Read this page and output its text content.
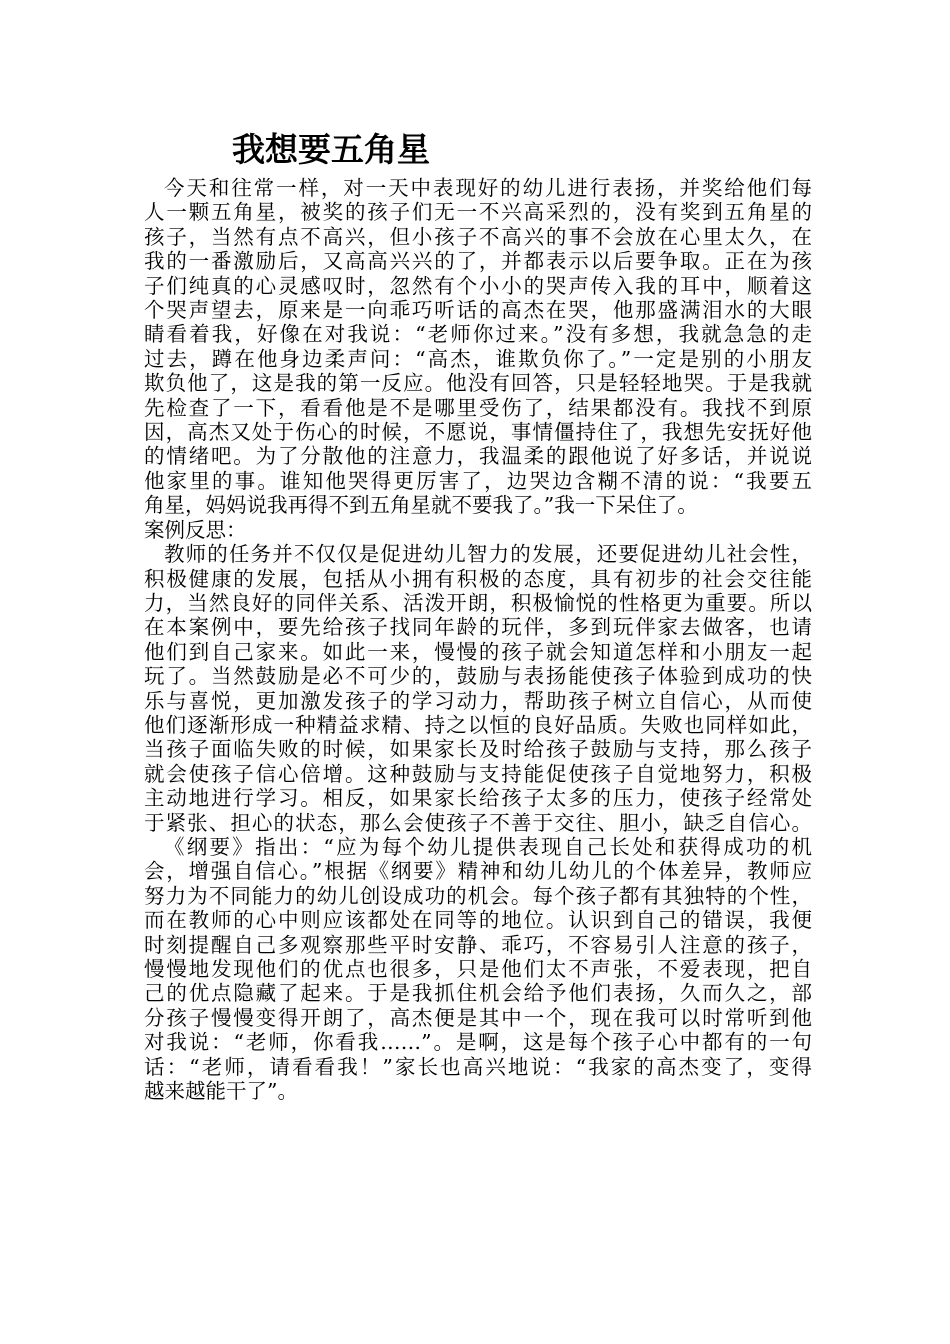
我想要五角星
今天和往常一样，对一天中表现好的幼儿进行表扬，并奖给他们每
人一颗五角星，被奖的孩子们无一不兴高采烈的，没有奖到五角星的
孩子，当然有点不高兴，但小孩子不高兴的事不会放在心里太久，在
我的一番激励后，又高高兴兴的了，并都表示以后要争取。正在为孩
子们纯真的心灵感叹时，忽然有个小小的哭声传入我的耳中，顺着这
个哭声望去，原来是一向乖巧听话的高杰在哭，他那盛满泪水的大眼
睛看着我，好像在对我说：“老师你过来。”没有多想，我就急急的走
过去，蹲在他身边柔声问：“高杰，谁欺负你了。”一定是别的小朋友
欺负他了，这是我的第一反应。他没有回答，只是轻轻地哭。于是我就
先检查了一下，看看他是不是哪里受伤了，结果都没有。我找不到原
因，高杰又处于伤心的时候，不愿说，事情僵持住了，我想先安抚好他
的情绪吧。为了分散他的注意力，我温柔的跟他说了好多话，并说说
他家里的事。谁知他哭得更厉害了，边哭边含糊不清的说：“我要五
角星，妈妈说我再得不到五角星就不要我了。”我一下呆住了。
案例反思：
教师的任务并不仅仅是促进幼儿智力的发展，还要促进幼儿社会性，
积极健康的发展，包括从小拥有积极的态度，具有初步的社会交往能
力，当然良好的同伴关系、活泼开朗，积极愉悦的性格更为重要。所以
在本案例中，要先给孩子找同年龄的玩伴，多到玩伴家去做客，也请
他们到自己家来。如此一来，慢慢的孩子就会知道怎样和小朋友一起
玩了。当然鼓励是必不可少的，鼓励与表扬能使孩子体验到成功的快
乐与喜悦，更加激发孩子的学习动力，帮助孩子树立自信心，从而使
他们逐渐形成一种精益求精、持之以恒的良好品质。失败也同样如此，
当孩子面临失败的时候，如果家长及时给孩子鼓励与支持，那么孩子
就会使孩子信心倍增。这种鼓励与支持能促使孩子自觉地努力，积极
主动地进行学习。相反，如果家长给孩子太多的压力，使孩子经常处
于紧张、担心的状态，那么会使孩子不善于交往、胆小，缺乏自信心。
《纲要》指出：“应为每个幼儿提供表现自己长处和获得成功的机
会，增强自信心。”根据《纲要》精神和幼儿幼儿的个体差异，教师应
努力为不同能力的幼儿创设成功的机会。每个孩子都有其独特的个性，
而在教师的心中则应该都处在同等的地位。认识到自己的错误，我便
时刻提醒自己多观察那些平时安静、乖巧，不容易引人注意的孩子，
慢慢地发现他们的优点也很多，只是他们太不声张，不爱表现，把自
己的优点隐藏了起来。于是我抓住机会给予他们表扬，久而久之，部
分孩子慢慢变得开朗了，高杰便是其中一个，现在我可以时常听到他
对我说：“老师，你看我……”。是啊，这是每个孩子心中都有的一句
话：“老师，请看看我！”家长也高兴地说：“我家的高杰变了，变得
越来越能干了”。
